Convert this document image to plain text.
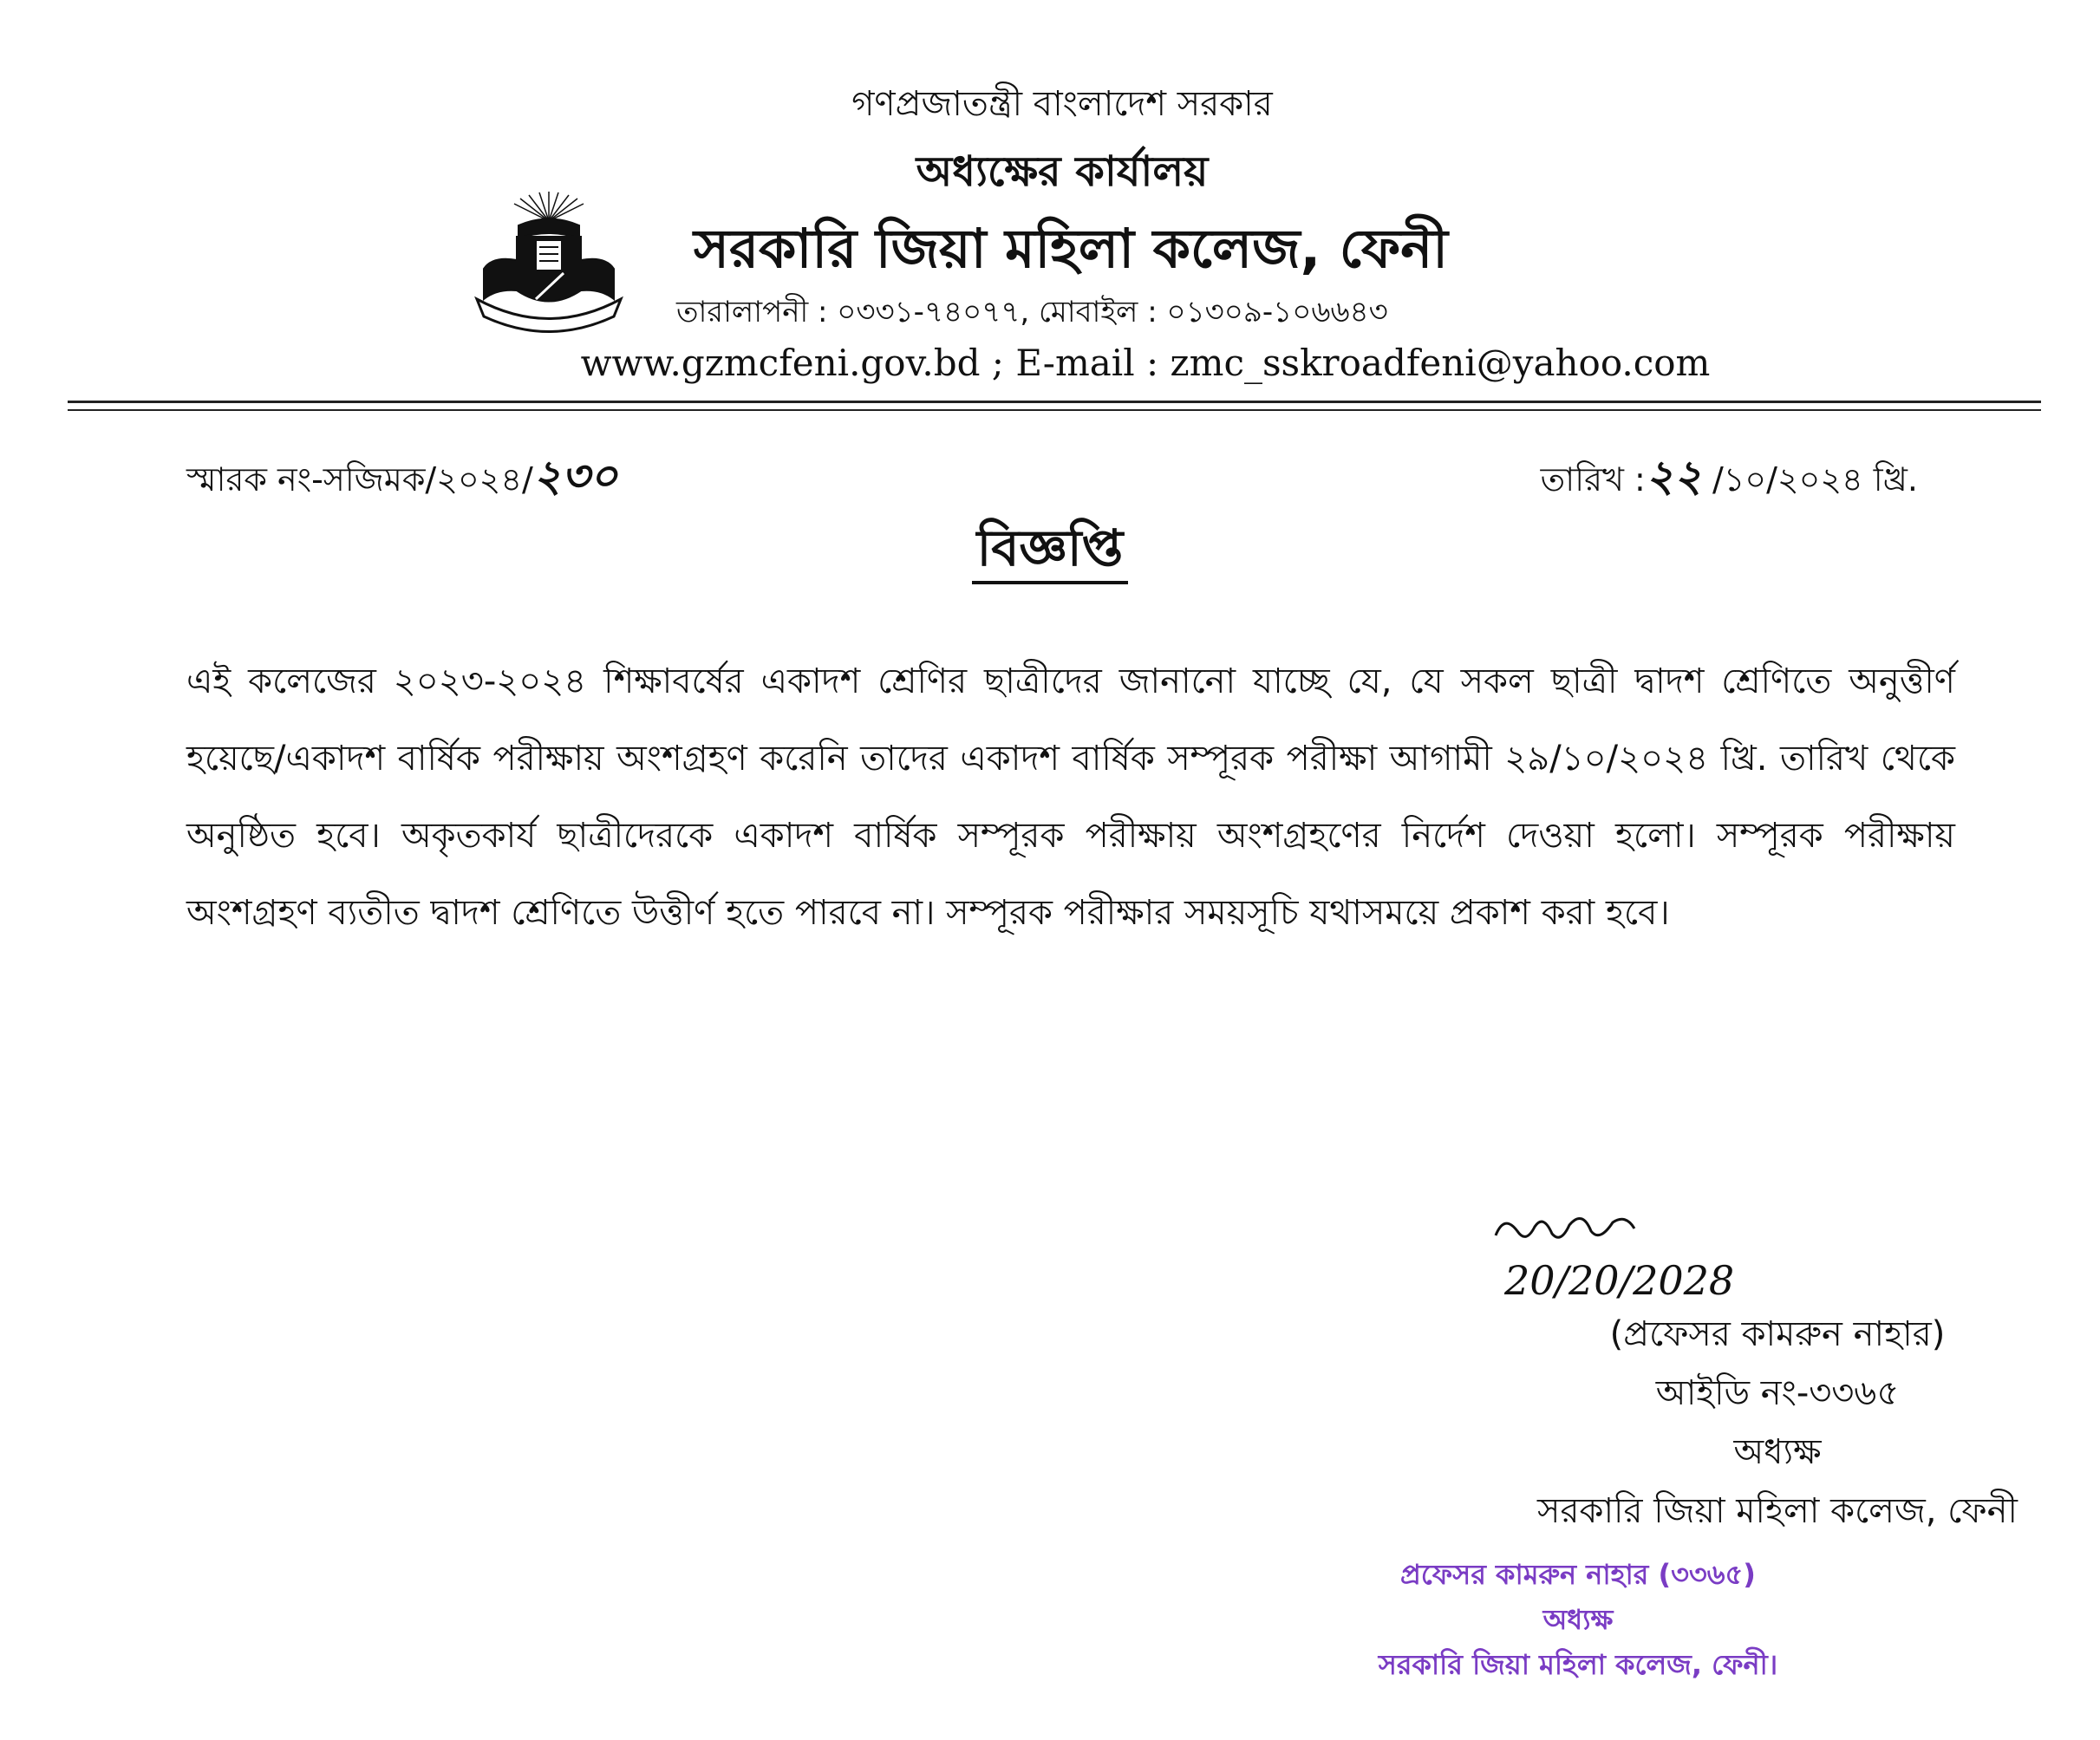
গণপ্রজাতন্ত্রী বাংলাদেশ সরকার
অধ্যক্ষের কার্যালয়
সরকারি জিয়া মহিলা কলেজ, ফেনী
তারালাপনী : ০৩৩১-৭৪০৭৭, মোবাইল : ০১৩০৯-১০৬৬৪৩
www.gzmcfeni.gov.bd ; E-mail : zmc_sskroadfeni@yahoo.com
স্মারক নং-সজিমক/২০২৪/২৩০	তারিখ :২২ /১০/২০২৪ খ্রি.
বিজ্ঞপ্তি
এই কলেজের ২০২৩-২০২৪ শিক্ষাবর্ষের একাদশ শ্রেণির ছাত্রীদের জানানো যাচ্ছে যে, যে সকল ছাত্রী দ্বাদশ শ্রেণিতে অনুত্তীর্ণ হয়েছে/একাদশ বার্ষিক পরীক্ষায় অংশগ্রহণ করেনি তাদের একাদশ বার্ষিক সম্পূরক পরীক্ষা আগামী ২৯/১০/২০২৪ খ্রি. তারিখ থেকে অনুষ্ঠিত হবে। অকৃতকার্য ছাত্রীদেরকে একাদশ বার্ষিক সম্পূরক পরীক্ষায় অংশগ্রহণের নির্দেশ দেওয়া হলো। সম্পূরক পরীক্ষায় অংশগ্রহণ ব্যতীত দ্বাদশ শ্রেণিতে উত্তীর্ণ হতে পারবে না। সম্পূরক পরীক্ষার সময়সূচি যথাসময়ে প্রকাশ করা হবে।
20/20/2028
(প্রফেসর কামরুন নাহার)
আইডি নং-৩৩৬৫
অধ্যক্ষ
সরকারি জিয়া মহিলা কলেজ, ফেনী
প্রফেসর কামরুন নাহার (৩৩৬৫)
অধ্যক্ষ
সরকারি জিয়া মহিলা কলেজ, ফেনী।
